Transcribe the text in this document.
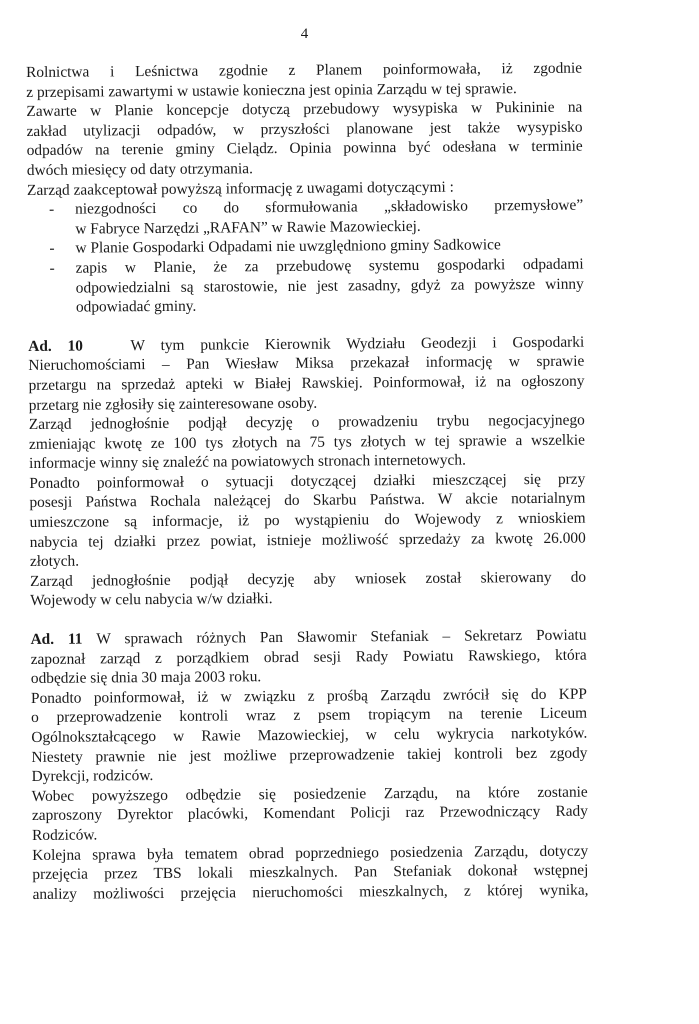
4
Rolnictwa i Leśnictwa zgodnie z Planem poinformowała, iż zgodnie
z przepisami zawartymi w ustawie konieczna jest opinia Zarządu w tej sprawie.
Zawarte w Planie koncepcje dotyczą przebudowy wysypiska w Pukininie na
zakład utylizacji odpadów, w przyszłości planowane jest także wysypisko
odpadów na terenie gminy Cielądz. Opinia powinna być odesłana w terminie
dwóch miesięcy od daty otrzymania.
Zarząd zaakceptował powyższą informację z uwagami dotyczącymi :
- niezgodności co do sformułowania „składowisko przemysłowe”
w Fabryce Narzędzi „RAFAN” w Rawie Mazowieckiej.
- w Planie Gospodarki Odpadami nie uwzględniono gminy Sadkowice
- zapis w Planie, że za przebudowę systemu gospodarki odpadami
odpowiedzialni są starostowie, nie jest zasadny, gdyż za powyższe winny
odpowiadać gminy.
Ad. 10	W tym punkcie Kierownik Wydziału Geodezji i Gospodarki
Nieruchomościami – Pan Wiesław Miksa przekazał informację w sprawie
przetargu na sprzedaż apteki w Białej Rawskiej. Poinformował, iż na ogłoszony
przetarg nie zgłosiły się zainteresowane osoby.
Zarząd jednogłośnie podjął decyzję o prowadzeniu trybu negocjacyjnego
zmieniając kwotę ze 100 tys złotych na 75 tys złotych w tej sprawie a wszelkie
informacje winny się znaleźć na powiatowych stronach internetowych.
Ponadto poinformował o sytuacji dotyczącej działki mieszczącej się przy
posesji Państwa Rochala należącej do Skarbu Państwa. W akcie notarialnym
umieszczone są informacje, iż po wystąpieniu do Wojewody z wnioskiem
nabycia tej działki przez powiat, istnieje możliwość sprzedaży za kwotę 26.000
złotych.
Zarząd jednogłośnie podjął decyzję aby wniosek został skierowany do
Wojewody w celu nabycia w/w działki.
Ad. 11 W sprawach różnych Pan Sławomir Stefaniak – Sekretarz Powiatu
zapoznał zarząd z porządkiem obrad sesji Rady Powiatu Rawskiego, która
odbędzie się dnia 30 maja 2003 roku.
Ponadto poinformował, iż w związku z prośbą Zarządu zwrócił się do KPP
o przeprowadzenie kontroli wraz z psem tropiącym na terenie Liceum
Ogólnokształcącego w Rawie Mazowieckiej, w celu wykrycia narkotyków.
Niestety prawnie nie jest możliwe przeprowadzenie takiej kontroli bez zgody
Dyrekcji, rodziców.
Wobec powyższego odbędzie się posiedzenie Zarządu, na które zostanie
zaproszony Dyrektor placówki, Komendant Policji raz Przewodniczący Rady
Rodziców.
Kolejna sprawa była tematem obrad poprzedniego posiedzenia Zarządu, dotyczy
przejęcia przez TBS lokali mieszkalnych. Pan Stefaniak dokonał wstępnej
analizy możliwości przejęcia nieruchomości mieszkalnych, z której wynika,
